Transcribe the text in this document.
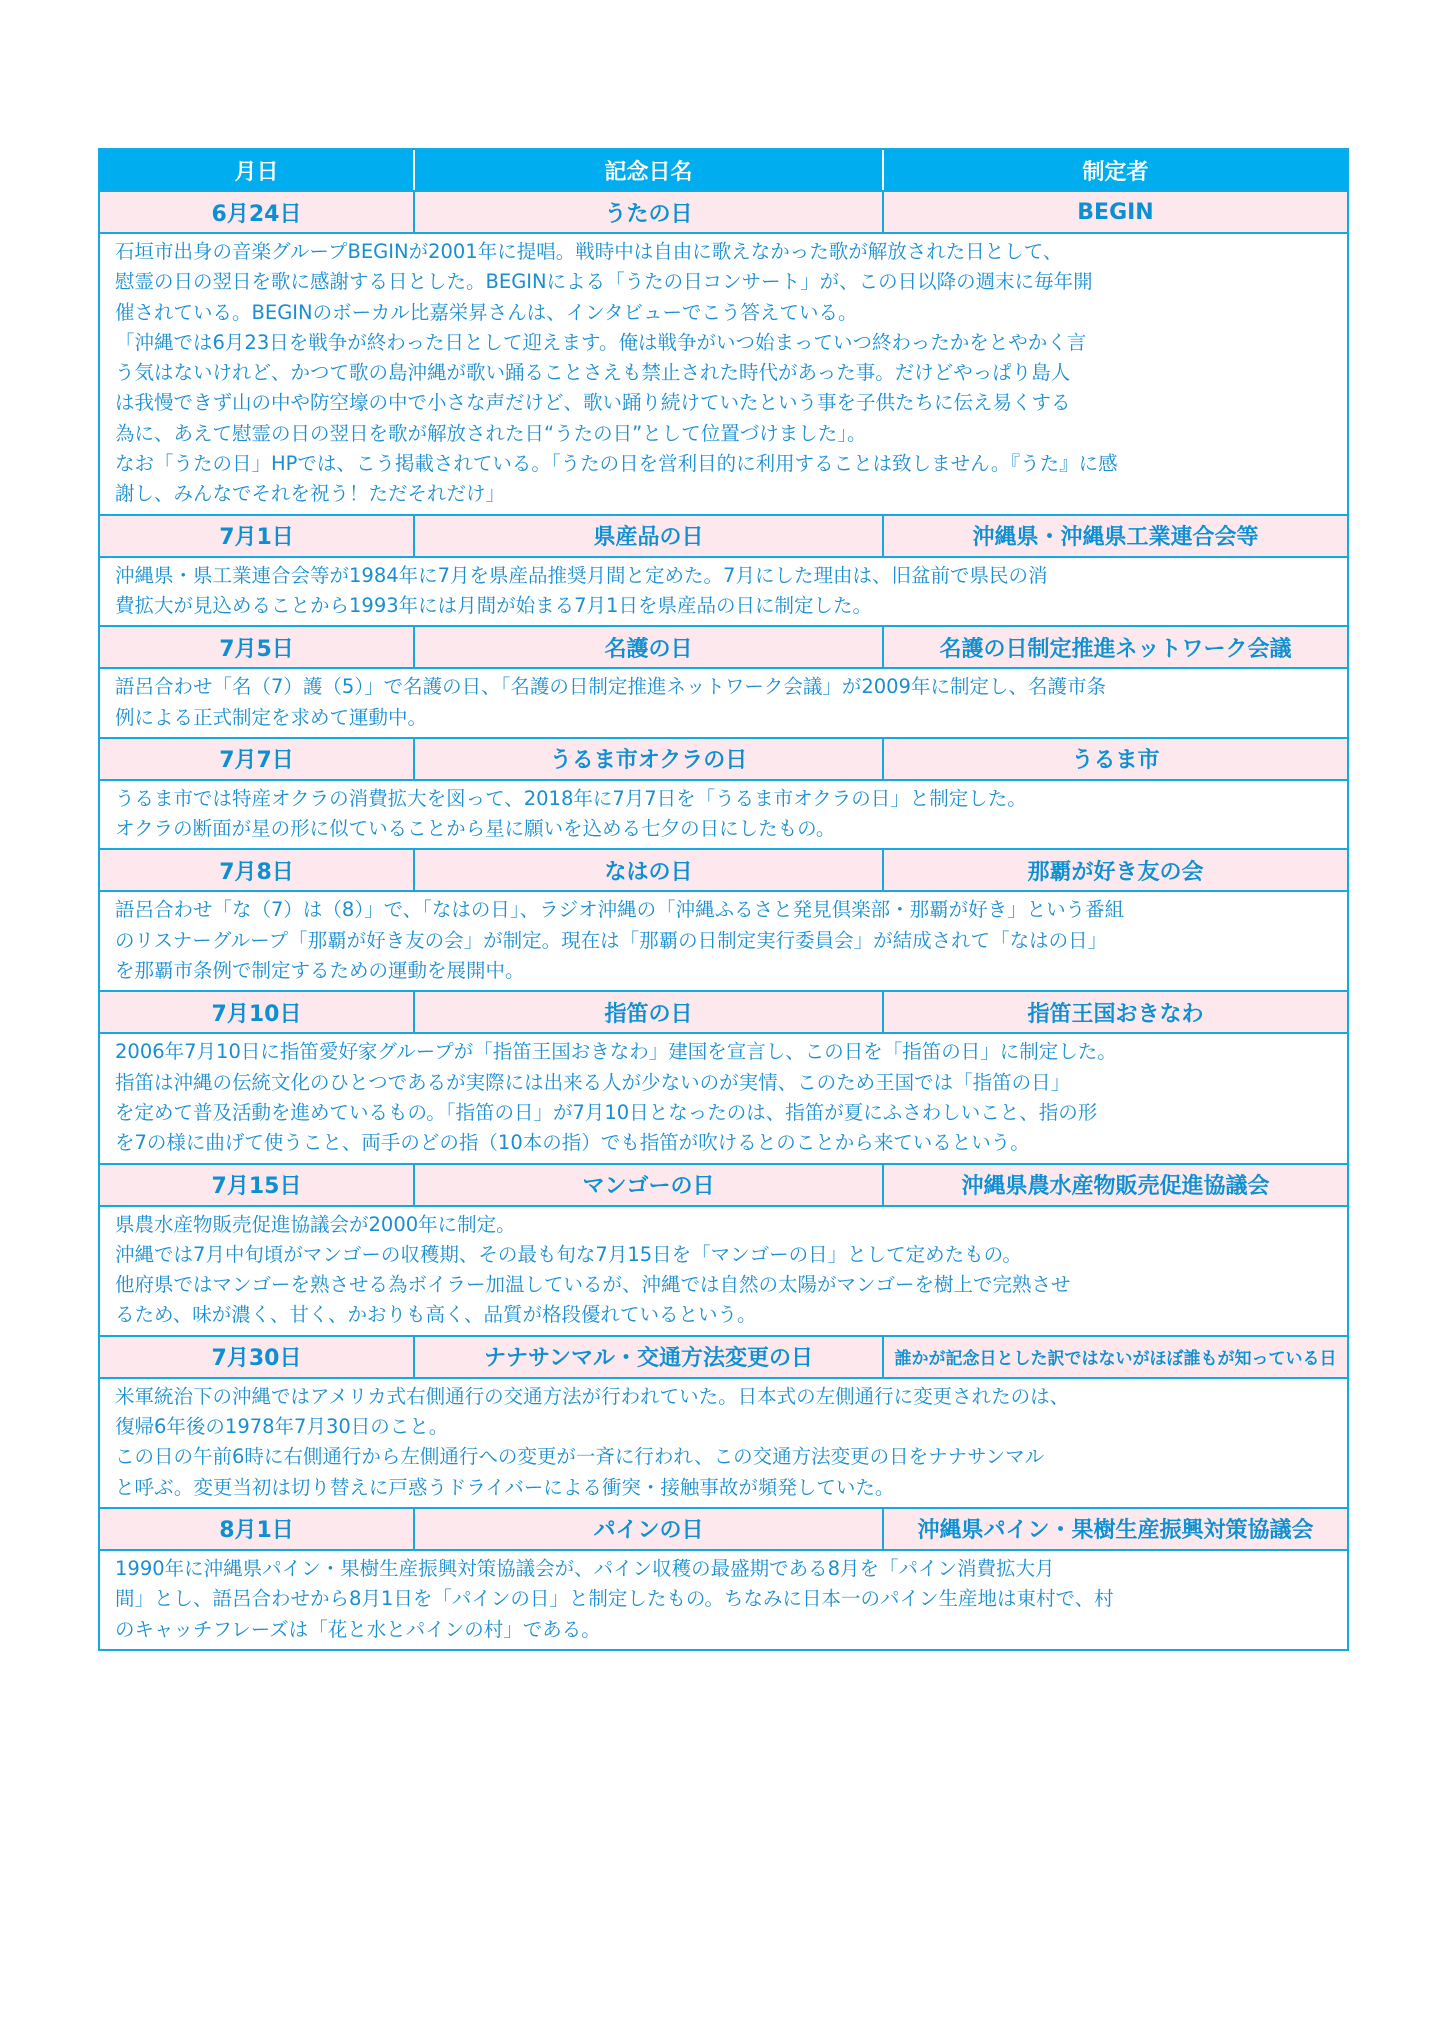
月日	記念日名	制定者
6月24日	うたの日	BEGIN

石垣市出身の音楽グループBEGINが2001年に提唱。戦時中は自由に歌えなかった歌が解放された日として、

慰霊の日の翌日を歌に感謝する日とした。BEGINによる「うたの日コンサート」が、この日以降の週末に毎年開

催されている。BEGINのボーカル比嘉栄昇さんは、インタビューでこう答えている。

「沖縄では6月23日を戦争が終わった日として迎えます。俺は戦争がいつ始まっていつ終わったかをとやかく言

う気はないけれど、かつて歌の島沖縄が歌い踊ることさえも禁止された時代があった事。だけどやっぱり島人

は我慢できず山の中や防空壕の中で小さな声だけど、歌い踊り続けていたという事を子供たちに伝え易くする

為に、あえて慰霊の日の翌日を歌が解放された日“うたの日”として位置づけました」。

なお「うたの日」HPでは、こう掲載されている。「うたの日を営利目的に利用することは致しません。『うた』に感

謝し、みんなでそれを祝う！ただそれだけ」

7月1日	県産品の日	沖縄県・沖縄県工業連合会等

沖縄県・県工業連合会等が1984年に7月を県産品推奨月間と定めた。7月にした理由は、旧盆前で県民の消

費拡大が見込めることから1993年には月間が始まる7月1日を県産品の日に制定した。

7月5日	名護の日	名護の日制定推進ネットワーク会議

語呂合わせ「名（7）護（5）」で名護の日、「名護の日制定推進ネットワーク会議」が2009年に制定し、名護市条

例による正式制定を求めて運動中。

7月7日	うるま市オクラの日	うるま市

うるま市では特産オクラの消費拡大を図って、2018年に7月7日を「うるま市オクラの日」と制定した。

オクラの断面が星の形に似ていることから星に願いを込める七夕の日にしたもの。

7月8日	なはの日	那覇が好き友の会

語呂合わせ「な（7）は（8）」で、「なはの日」、ラジオ沖縄の「沖縄ふるさと発見倶楽部・那覇が好き」という番組

のリスナーグループ「那覇が好き友の会」が制定。現在は「那覇の日制定実行委員会」が結成されて「なはの日」

を那覇市条例で制定するための運動を展開中。

7月10日	指笛の日	指笛王国おきなわ

2006年7月10日に指笛愛好家グループが「指笛王国おきなわ」建国を宣言し、この日を「指笛の日」に制定した。

指笛は沖縄の伝統文化のひとつであるが実際には出来る人が少ないのが実情、このため王国では「指笛の日」

を定めて普及活動を進めているもの。「指笛の日」が7月10日となったのは、指笛が夏にふさわしいこと、指の形

を7の様に曲げて使うこと、両手のどの指（10本の指）でも指笛が吹けるとのことから来ているという。

7月15日	マンゴーの日	沖縄県農水産物販売促進協議会

県農水産物販売促進協議会が2000年に制定。

沖縄では7月中旬頃がマンゴーの収穫期、その最も旬な7月15日を「マンゴーの日」として定めたもの。

他府県ではマンゴーを熟させる為ボイラー加温しているが、沖縄では自然の太陽がマンゴーを樹上で完熟させ

るため、味が濃く、甘く、かおりも高く、品質が格段優れているという。

7月30日	ナナサンマル・交通方法変更の日	誰かが記念日とした訳ではないがほぼ誰もが知っている日

米軍統治下の沖縄ではアメリカ式右側通行の交通方法が行われていた。日本式の左側通行に変更されたのは、

復帰6年後の1978年7月30日のこと。

この日の午前6時に右側通行から左側通行への変更が一斉に行われ、この交通方法変更の日をナナサンマル

と呼ぶ。変更当初は切り替えに戸惑うドライバーによる衝突・接触事故が頻発していた。

8月1日	パインの日	沖縄県パイン・果樹生産振興対策協議会

1990年に沖縄県パイン・果樹生産振興対策協議会が、パイン収穫の最盛期である8月を「パイン消費拡大月

間」とし、語呂合わせから8月1日を「パインの日」と制定したもの。ちなみに日本一のパイン生産地は東村で、村

のキャッチフレーズは「花と水とパインの村」である。
